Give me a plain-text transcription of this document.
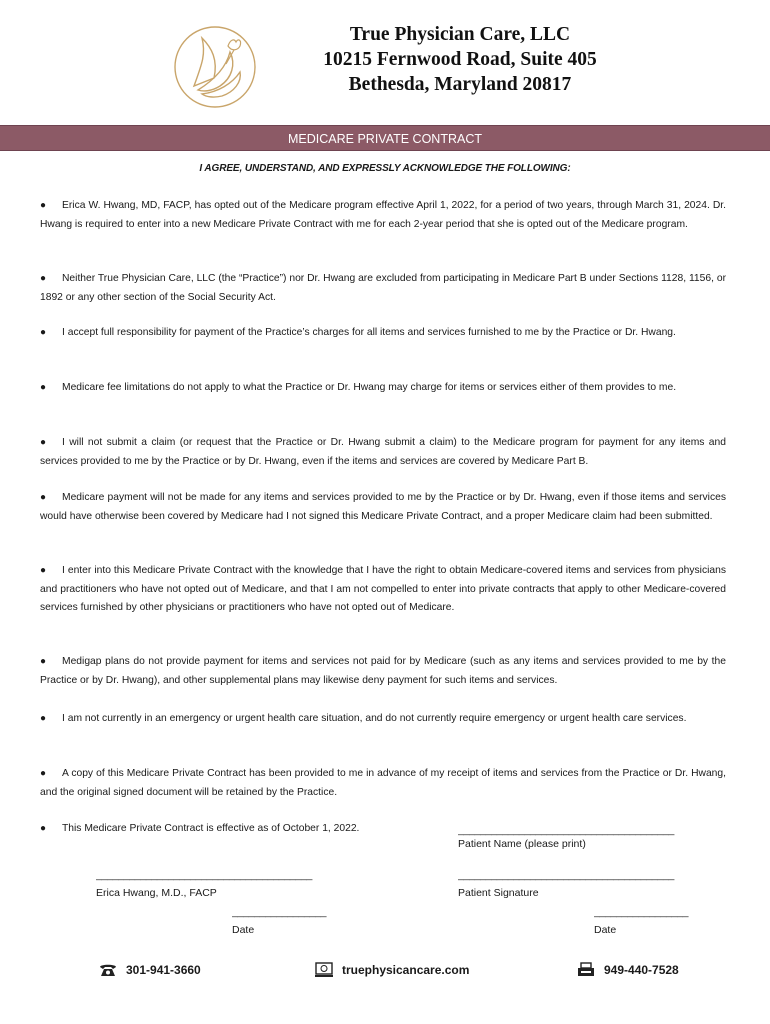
True Physician Care, LLC
10215 Fernwood Road, Suite 405
Bethesda, Maryland 20817
MEDICARE PRIVATE CONTRACT
I AGREE, UNDERSTAND, AND EXPRESSLY ACKNOWLEDGE THE FOLLOWING:
● Erica W. Hwang, MD, FACP, has opted out of the Medicare program effective April 1, 2022, for a period of two years, through March 31, 2024. Dr. Hwang is required to enter into a new Medicare Private Contract with me for each 2-year period that she is opted out of the Medicare program.
● Neither True Physician Care, LLC (the “Practice”) nor Dr. Hwang are excluded from participating in Medicare Part B under Sections 1128, 1156, or 1892 or any other section of the Social Security Act.
● I accept full responsibility for payment of the Practice’s charges for all items and services furnished to me by the Practice or Dr. Hwang.
● Medicare fee limitations do not apply to what the Practice or Dr. Hwang may charge for items or services either of them provides to me.
● I will not submit a claim (or request that the Practice or Dr. Hwang submit a claim) to the Medicare program for payment for any items and services provided to me by the Practice or by Dr. Hwang, even if the items and services are covered by Medicare Part B.
● Medicare payment will not be made for any items and services provided to me by the Practice or by Dr. Hwang, even if those items and services would have otherwise been covered by Medicare had I not signed this Medicare Private Contract, and a proper Medicare claim had been submitted.
● I enter into this Medicare Private Contract with the knowledge that I have the right to obtain Medicare-covered items and services from physicians and practitioners who have not opted out of Medicare, and that I am not compelled to enter into private contracts that apply to other Medicare-covered services furnished by other physicians or practitioners who have not opted out of Medicare.
● Medigap plans do not provide payment for items and services not paid for by Medicare (such as any items and services provided to me by the Practice or by Dr. Hwang), and other supplemental plans may likewise deny payment for such items and services.
● I am not currently in an emergency or urgent health care situation, and do not currently require emergency or urgent health care services.
● A copy of this Medicare Private Contract has been provided to me in advance of my receipt of items and services from the Practice or Dr. Hwang, and the original signed document will be retained by the Practice.
● This Medicare Private Contract is effective as of October 1, 2022.	_______________________________________
Patient Name (please print)
_______________________________________
Erica Hwang, M.D., FACP
_______________________________________
Patient Signature
_________________
Date
_________________
Date
301-941-3660	truephysicancare.com	949-440-7528
